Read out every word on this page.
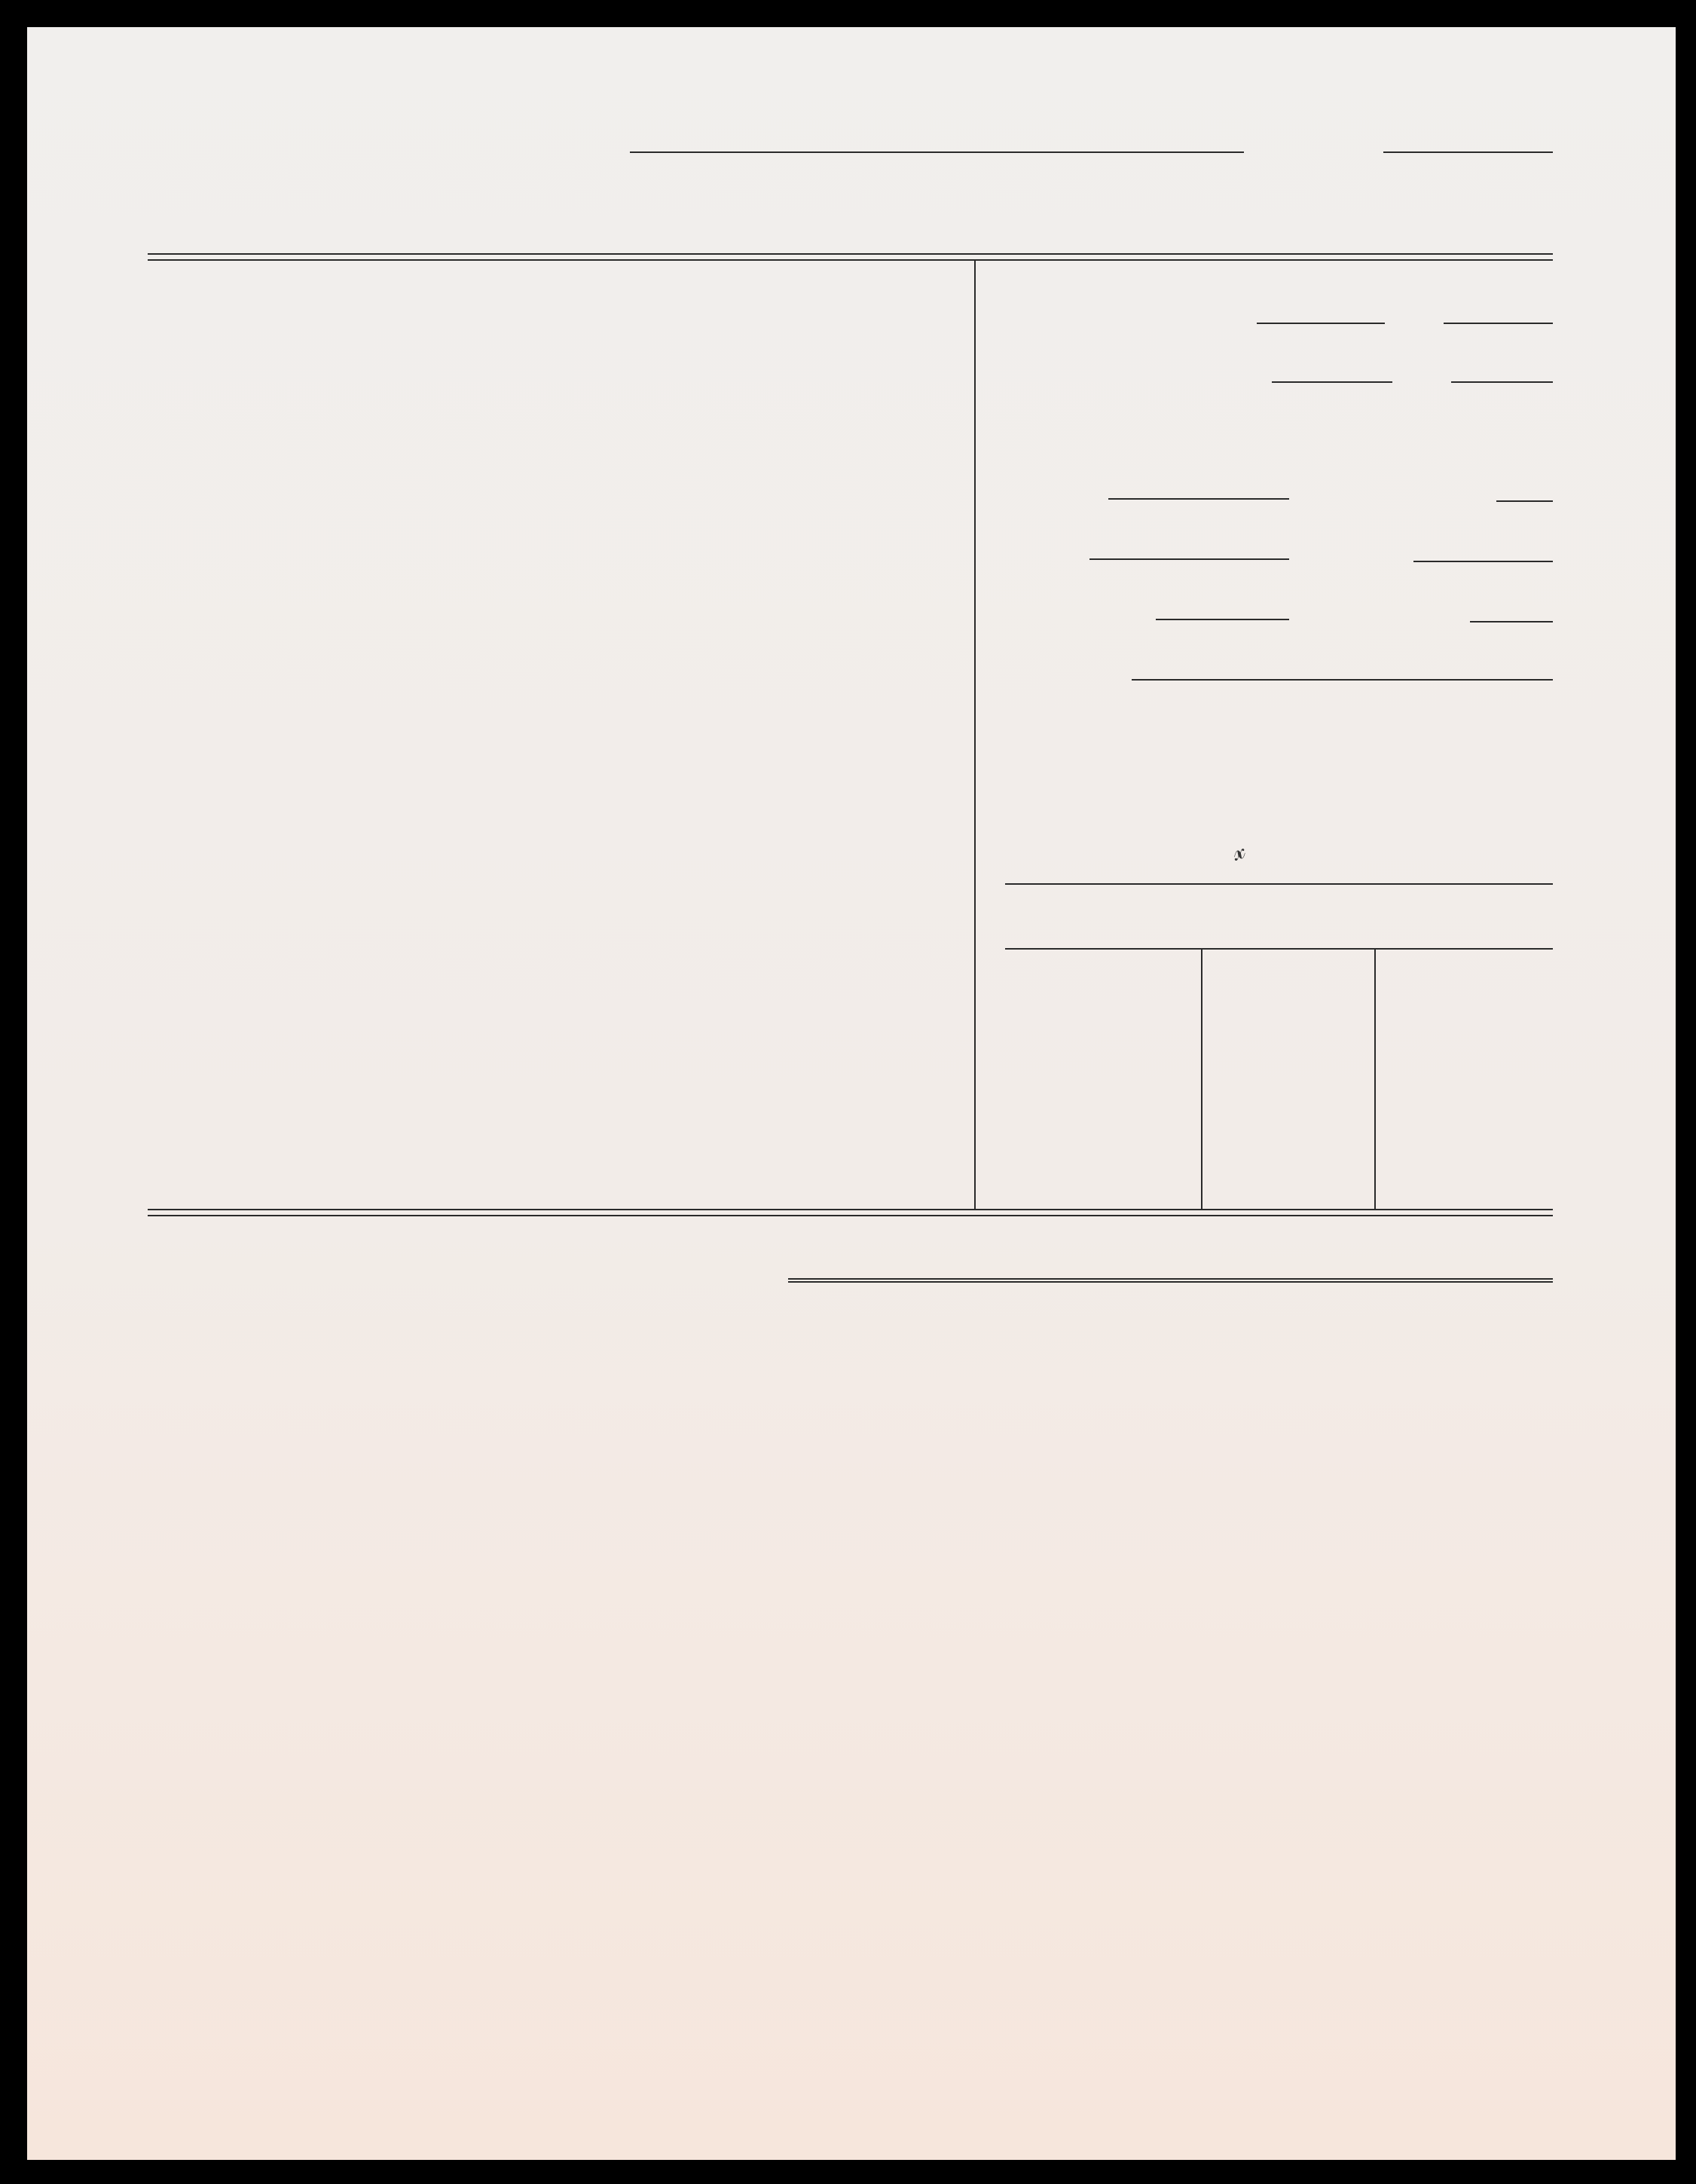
𝓍
